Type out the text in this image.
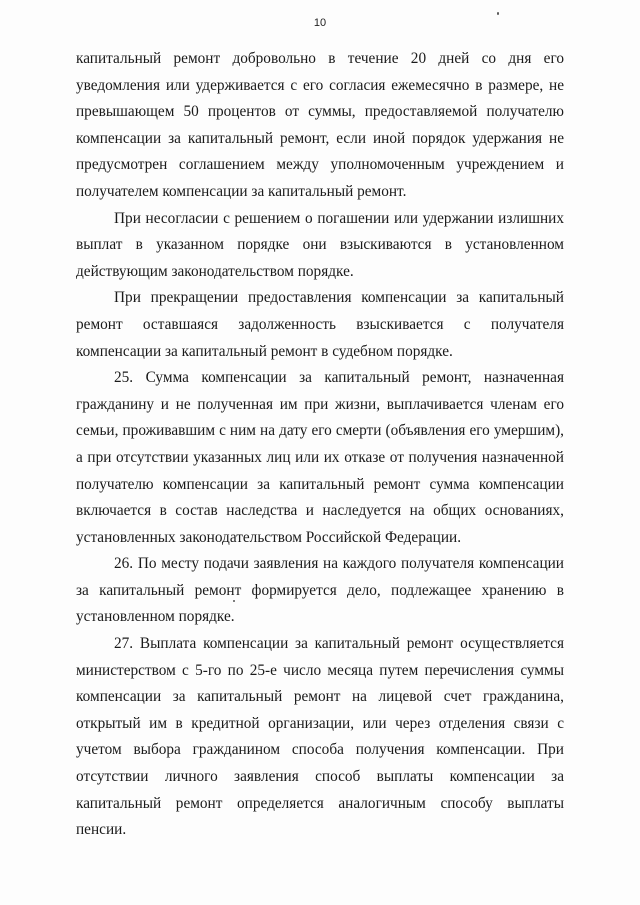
10

капитальный ремонт добровольно в течение 20 дней со дня его уведомления или удерживается с его согласия ежемесячно в размере, не превышающем 50 процентов от суммы, предоставляемой получателю компенсации за капитальный ремонт, если иной порядок удержания не предусмотрен соглашением между уполномоченным учреждением и получателем компенсации за капитальный ремонт.

При несогласии с решением о погашении или удержании излишних выплат в указанном порядке они взыскиваются в установленном действующим законодательством порядке.

При прекращении предоставления компенсации за капитальный ремонт оставшаяся задолженность взыскивается с получателя компенсации за капитальный ремонт в судебном порядке.

25. Сумма компенсации за капитальный ремонт, назначенная гражданину и не полученная им при жизни, выплачивается членам его семьи, проживавшим с ним на дату его смерти (объявления его умершим), а при отсутствии указанных лиц или их отказе от получения назначенной получателю компенсации за капитальный ремонт сумма компенсации включается в состав наследства и наследуется на общих основаниях, установленных законодательством Российской Федерации.

26. По месту подачи заявления на каждого получателя компенсации за капитальный ремонт формируется дело, подлежащее хранению в установленном порядке.

27. Выплата компенсации за капитальный ремонт осуществляется министерством с 5-го по 25-е число месяца путем перечисления суммы компенсации за капитальный ремонт на лицевой счет гражданина, открытый им в кредитной организации, или через отделения связи с учетом выбора гражданином способа получения компенсации. При отсутствии личного заявления способ выплаты компенсации за капитальный ремонт определяется аналогичным способу выплаты пенсии.
